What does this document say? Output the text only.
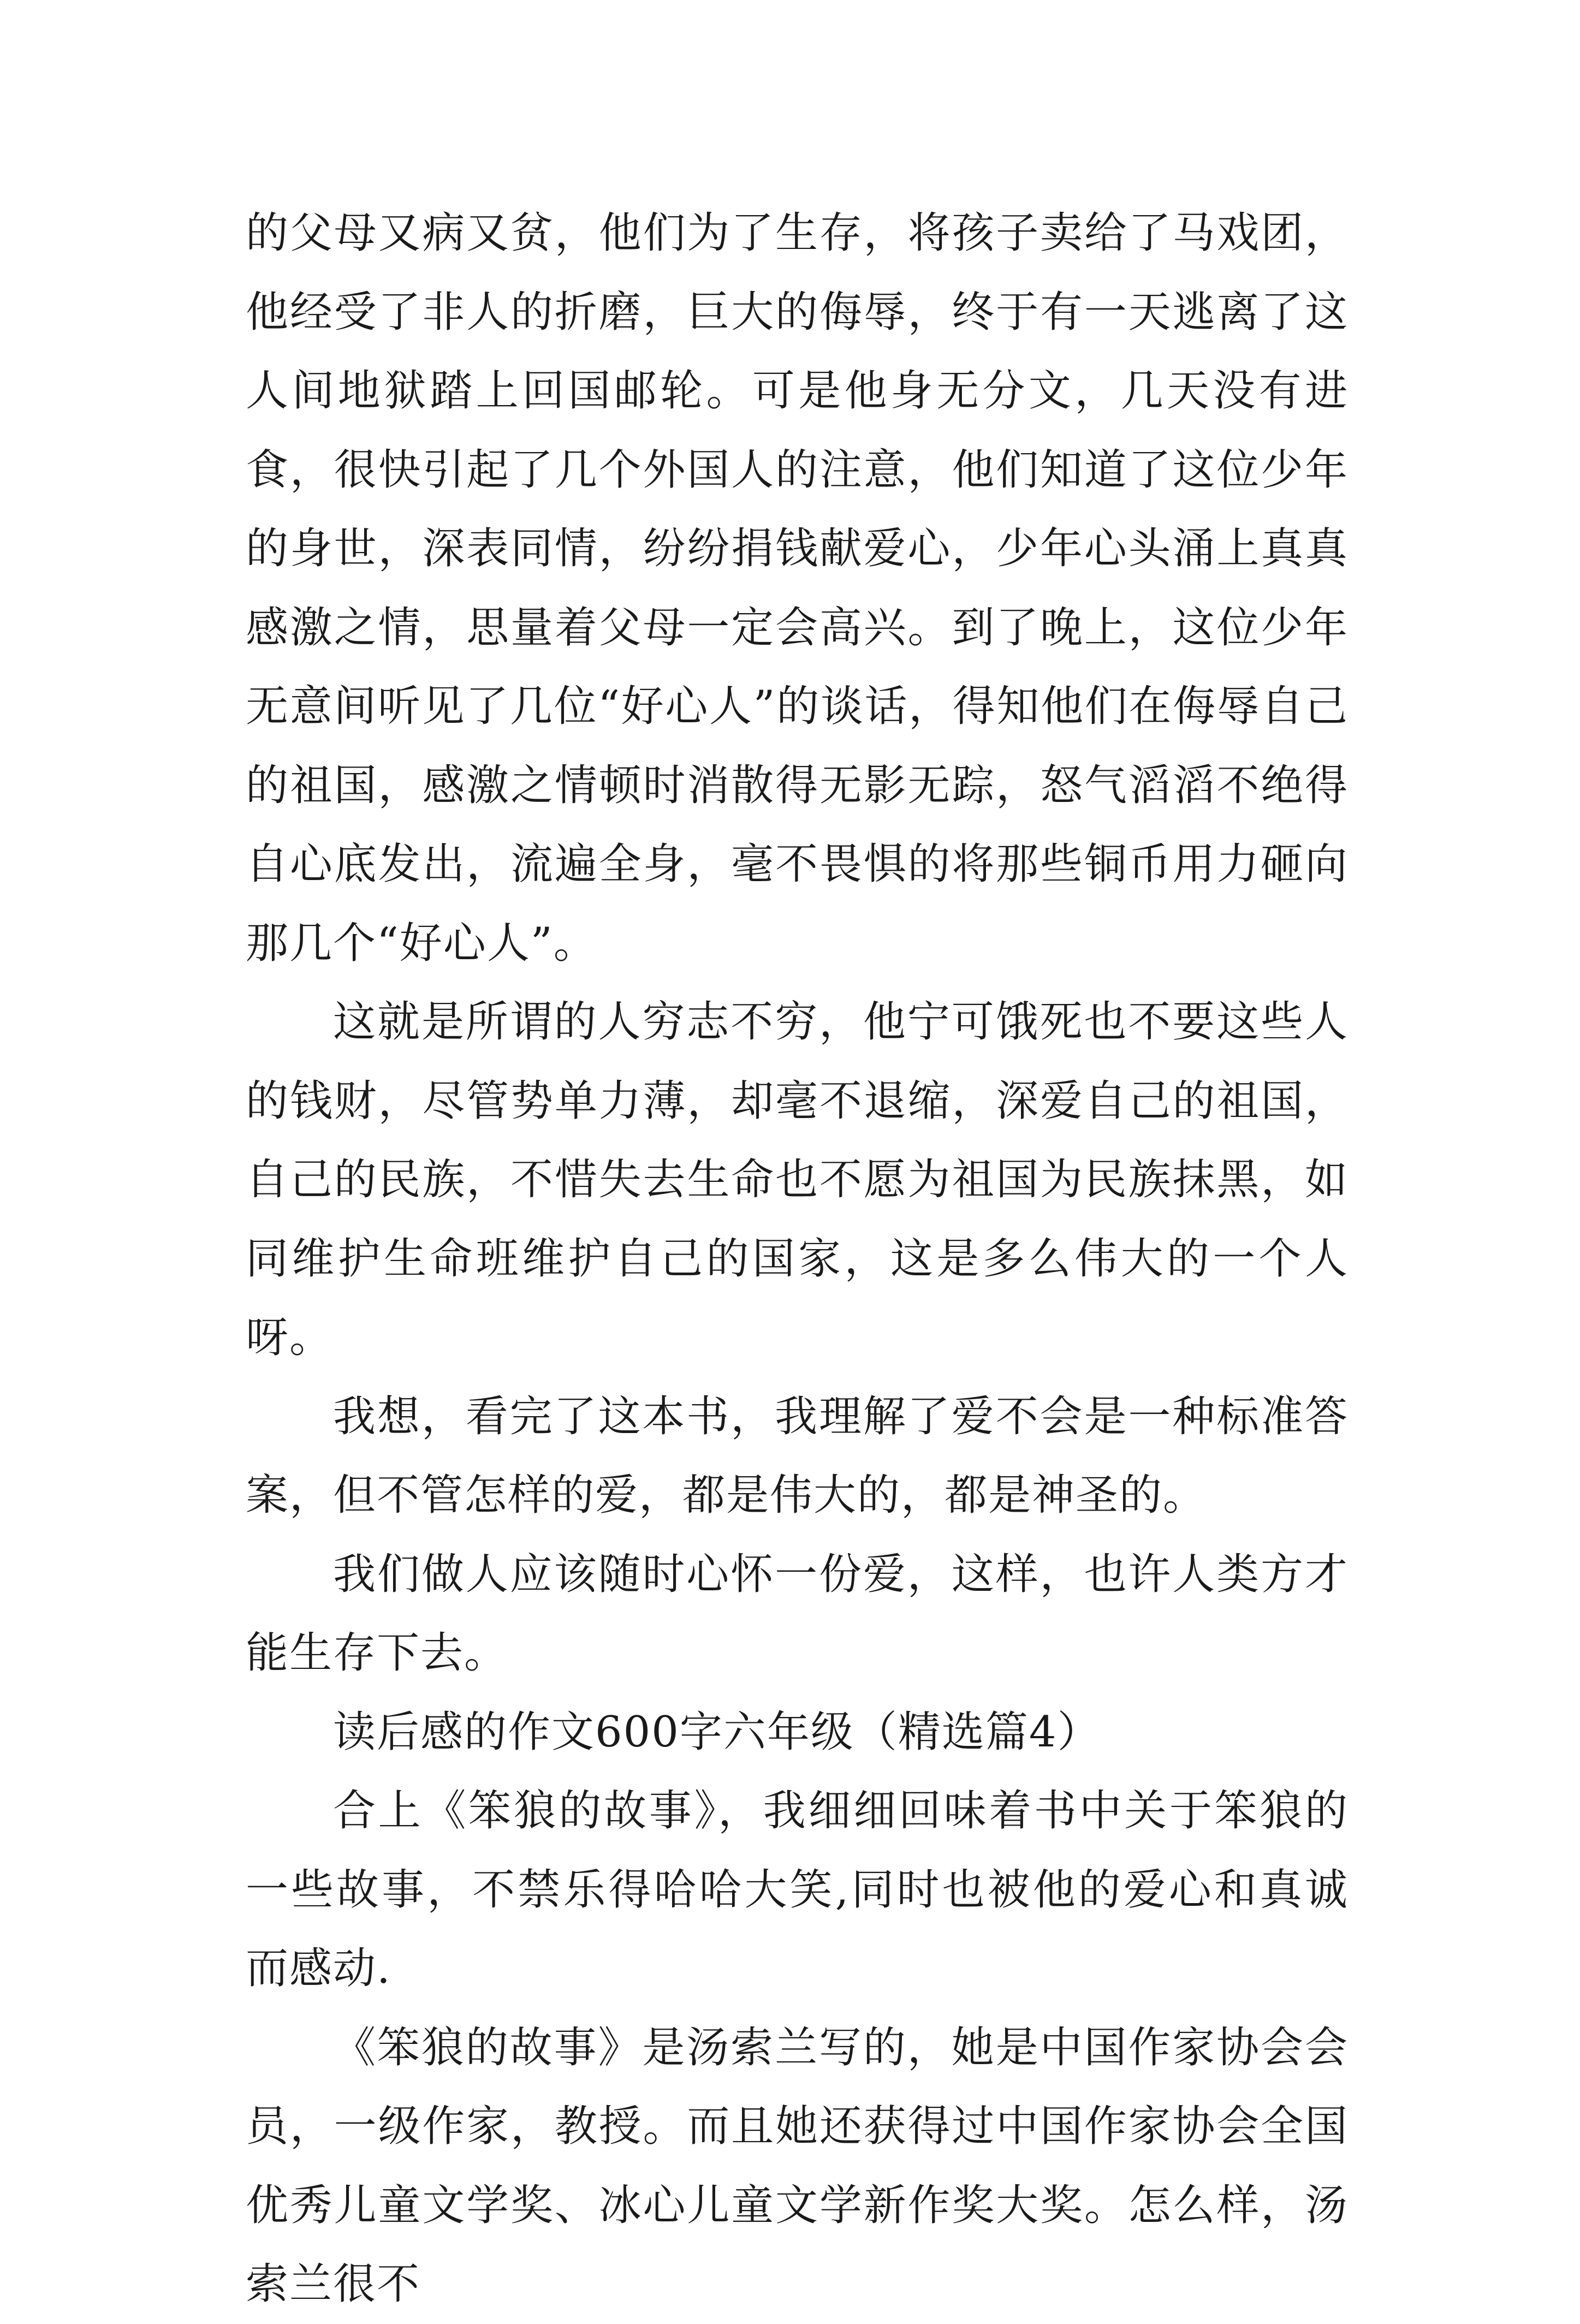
的父母又病又贫，他们为了生存，将孩子卖给了马戏团，他经受了非人的折磨，巨大的侮辱，终于有一天逃离了这人间地狱踏上回国邮轮。可是他身无分文，几天没有进食，很快引起了几个外国人的注意，他们知道了这位少年的身世，深表同情，纷纷捐钱献爱心，少年心头涌上真真感激之情，思量着父母一定会高兴。到了晚上，这位少年无意间听见了几位“好心人”的谈话，得知他们在侮辱自己的祖国，感激之情顿时消散得无影无踪，怒气滔滔不绝得自心底发出，流遍全身，毫不畏惧的将那些铜币用力砸向那几个“好心人”。

这就是所谓的人穷志不穷，他宁可饿死也不要这些人的钱财，尽管势单力薄，却毫不退缩，深爱自己的祖国，自己的民族，不惜失去生命也不愿为祖国为民族抹黑，如同维护生命班维护自己的国家，这是多么伟大的一个人呀。

我想，看完了这本书，我理解了爱不会是一种标准答案，但不管怎样的爱，都是伟大的，都是神圣的。

我们做人应该随时心怀一份爱，这样，也许人类方才能生存下去。

读后感的作文600字六年级（精选篇4）

合上《笨狼的故事》，我细细回味着书中关于笨狼的一些故事，不禁乐得哈哈大笑,同时也被他的爱心和真诚而感动.

《笨狼的故事》是汤索兰写的，她是中国作家协会会员，一级作家，教授。而且她还获得过中国作家协会全国优秀儿童文学奖、冰心儿童文学新作奖大奖。怎么样，汤索兰很不
